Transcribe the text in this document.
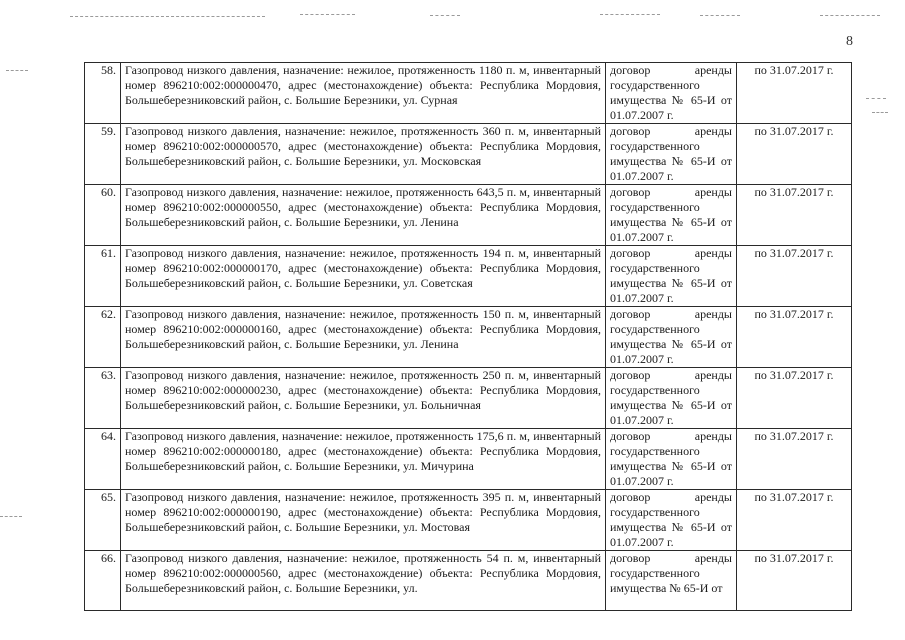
8
58.	Газопровод низкого давления, назначение: нежилое, протяженность 1180 п. м, инвентарный номер 896210:002:000000470, адрес (местонахождение) объекта: Республика Мордовия, Большеберезниковский район, с. Большие Березники, ул. Сурная	договор аренды государственного имущества № 65-И от 01.07.2007 г.	по 31.07.2017 г.
59.	Газопровод низкого давления, назначение: нежилое, протяженность 360 п. м, инвентарный номер 896210:002:000000570, адрес (местонахождение) объекта: Республика Мордовия, Большеберезниковский район, с. Большие Березники, ул. Московская	договор аренды государственного имущества № 65-И от 01.07.2007 г.	по 31.07.2017 г.
60.	Газопровод низкого давления, назначение: нежилое, протяженность 643,5 п. м, инвентарный номер 896210:002:000000550, адрес (местонахождение) объекта: Республика Мордовия, Большеберезниковский район, с. Большие Березники, ул. Ленина	договор аренды государственного имущества № 65-И от 01.07.2007 г.	по 31.07.2017 г.
61.	Газопровод низкого давления, назначение: нежилое, протяженность 194 п. м, инвентарный номер 896210:002:000000170, адрес (местонахождение) объекта: Республика Мордовия, Большеберезниковский район, с. Большие Березники, ул. Советская	договор аренды государственного имущества № 65-И от 01.07.2007 г.	по 31.07.2017 г.
62.	Газопровод низкого давления, назначение: нежилое, протяженность 150 п. м, инвентарный номер 896210:002:000000160, адрес (местонахождение) объекта: Республика Мордовия, Большеберезниковский район, с. Большие Березники, ул. Ленина	договор аренды государственного имущества № 65-И от 01.07.2007 г.	по 31.07.2017 г.
63.	Газопровод низкого давления, назначение: нежилое, протяженность 250 п. м, инвентарный номер 896210:002:000000230, адрес (местонахождение) объекта: Республика Мордовия, Большеберезниковский район, с. Большие Березники, ул. Больничная	договор аренды государственного имущества № 65-И от 01.07.2007 г.	по 31.07.2017 г.
64.	Газопровод низкого давления, назначение: нежилое, протяженность 175,6 п. м, инвентарный номер 896210:002:000000180, адрес (местонахождение) объекта: Республика Мордовия, Большеберезниковский район, с. Большие Березники, ул. Мичурина	договор аренды государственного имущества № 65-И от 01.07.2007 г.	по 31.07.2017 г.
65.	Газопровод низкого давления, назначение: нежилое, протяженность 395 п. м, инвентарный номер 896210:002:000000190, адрес (местонахождение) объекта: Республика Мордовия, Большеберезниковский район, с. Большие Березники, ул. Мостовая	договор аренды государственного имущества № 65-И от 01.07.2007 г.	по 31.07.2017 г.
66.	Газопровод низкого давления, назначение: нежилое, протяженность 54 п. м, инвентарный номер 896210:002:000000560, адрес (местонахождение) объекта: Республика Мордовия, Большеберезниковский район, с. Большие Березники, ул.	договор аренды государственного имущества № 65-И от	по 31.07.2017 г.
